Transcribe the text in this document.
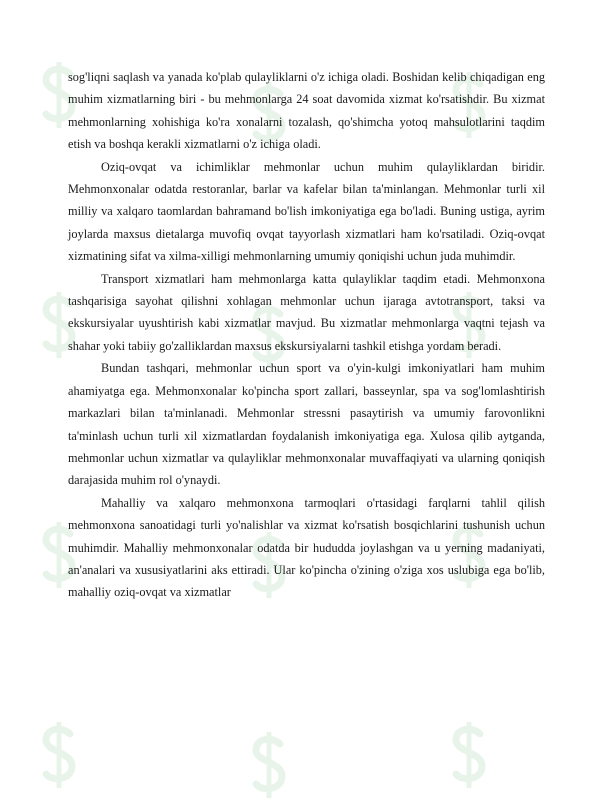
sog'liqni saqlash va yanada ko'plab qulayliklarni o'z ichiga oladi. Boshidan kelib chiqadigan eng muhim xizmatlarning biri - bu mehmonlarga 24 soat davomida xizmat ko'rsatishdir. Bu xizmat mehmonlarning xohishiga ko'ra xonalarni tozalash, qo'shimcha yotoq mahsulotlarini taqdim etish va boshqa kerakli xizmatlarni o'z ichiga oladi.

Oziq-ovqat va ichimliklar mehmonlar uchun muhim qulayliklardan biridir. Mehmonxonalar odatda restoranlar, barlar va kafelar bilan ta'minlangan. Mehmonlar turli xil milliy va xalqaro taomlardan bahramand bo'lish imkoniyatiga ega bo'ladi. Buning ustiga, ayrim joylarda maxsus dietalarga muvofiq ovqat tayyorlash xizmatlari ham ko'rsatiladi. Oziq-ovqat xizmatining sifat va xilma-xilligi mehmonlarning umumiy qoniqishi uchun juda muhimdir.

Transport xizmatlari ham mehmonlarga katta qulayliklar taqdim etadi. Mehmonxona tashqarisiga sayohat qilishni xohlagan mehmonlar uchun ijaraga avtotransport, taksi va ekskursiyalar uyushtirish kabi xizmatlar mavjud. Bu xizmatlar mehmonlarga vaqtni tejash va shahar yoki tabiiy go'zalliklardan maxsus ekskursiyalarni tashkil etishga yordam beradi.

Bundan tashqari, mehmonlar uchun sport va o'yin-kulgi imkoniyatlari ham muhim ahamiyatga ega. Mehmonxonalar ko'pincha sport zallari, basseynlar, spa va sog'lomlashtirish markazlari bilan ta'minlanadi. Mehmonlar stressni pasaytirish va umumiy farovonlikni ta'minlash uchun turli xil xizmatlardan foydalanish imkoniyatiga ega. Xulosa qilib aytganda, mehmonlar uchun xizmatlar va qulayliklar mehmonxonalar muvaffaqiyati va ularning qoniqish darajasida muhim rol o'ynaydi.

Mahalliy va xalqaro mehmonxona tarmoqlari o'rtasidagi farqlarni tahlil qilish mehmonxona sanoatidagi turli yo'nalishlar va xizmat ko'rsatish bosqichlarini tushunish uchun muhimdir. Mahalliy mehmonxonalar odatda bir hududda joylashgan va u yerning madaniyati, an'analari va xususiyatlarini aks ettiradi. Ular ko'pincha o'zining o'ziga xos uslubiga ega bo'lib, mahalliy oziq-ovqat va xizmatlar
